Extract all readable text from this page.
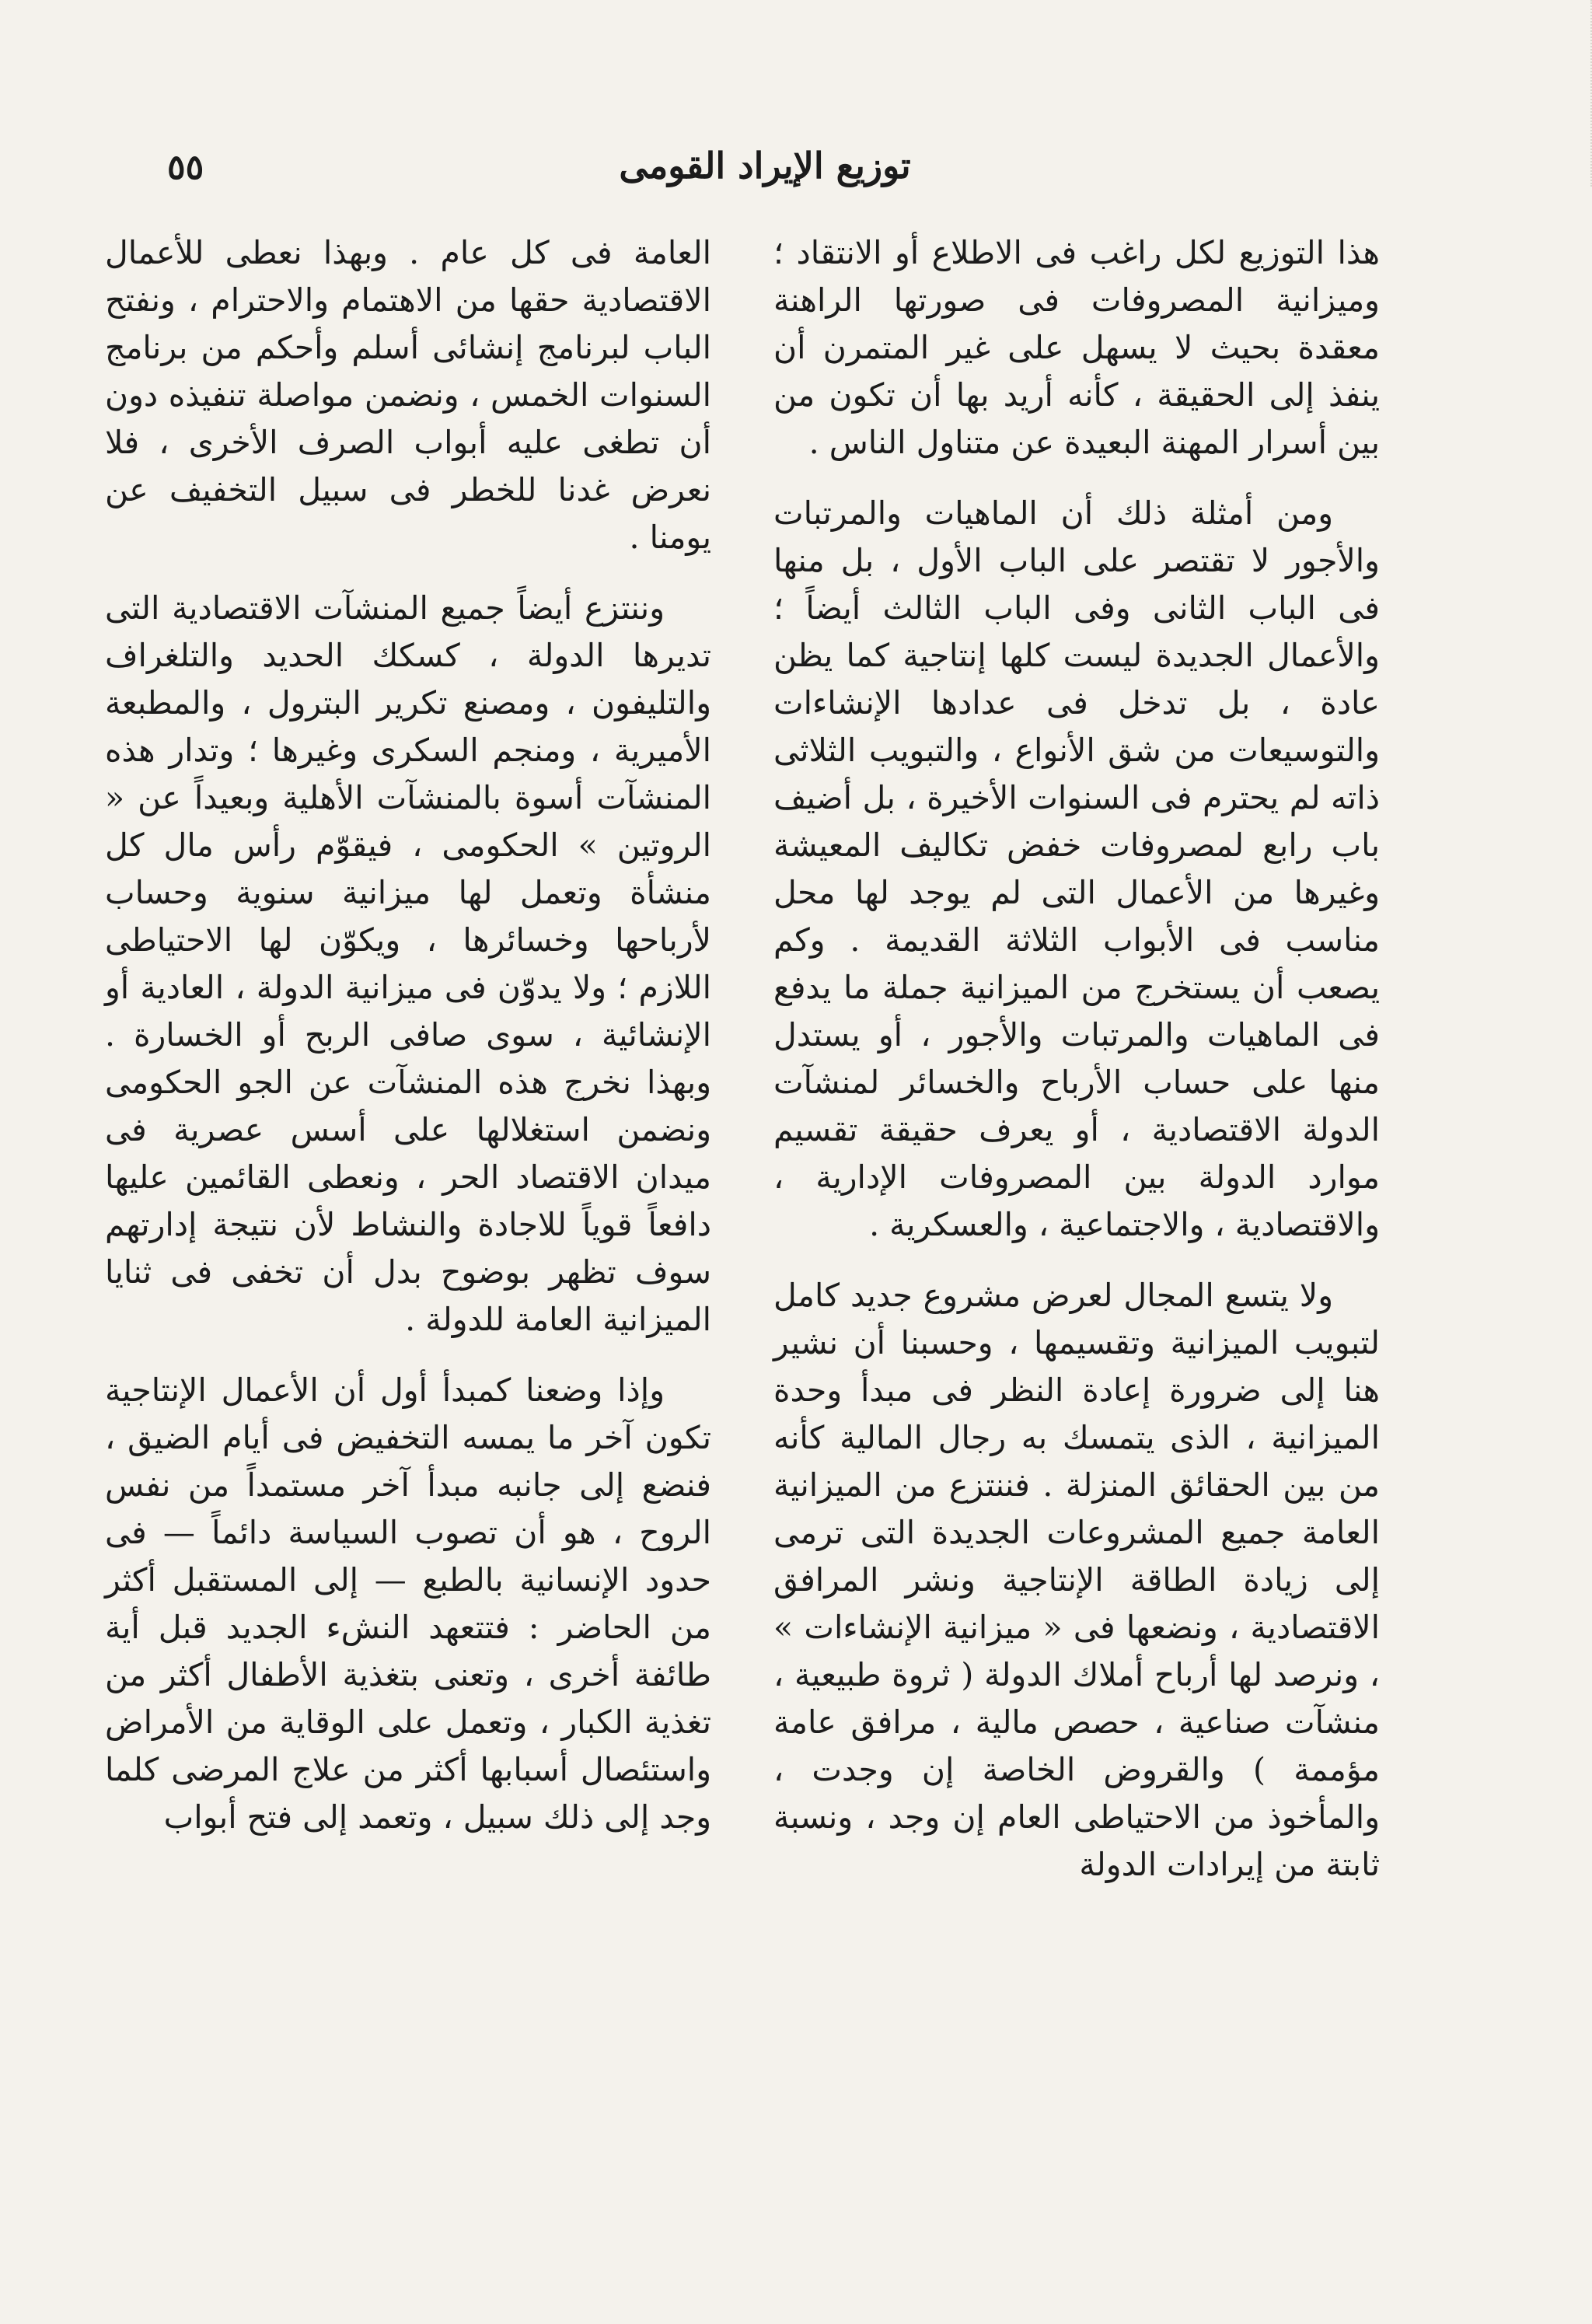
٥٥	توزيع الإيراد القومى

هذا التوزيع لكل راغب فى الاطلاع أو الانتقاد ؛ وميزانية المصروفات فى صورتها الراهنة معقدة بحيث لا يسهل على غير المتمرن أن ينفذ إلى الحقيقة ، كأنه أريد بها أن تكون من بين أسرار المهنة البعيدة عن متناول الناس .

ومن أمثلة ذلك أن الماهيات والمرتبات والأجور لا تقتصر على الباب الأول ، بل منها فى الباب الثانى وفى الباب الثالث أيضاً ؛ والأعمال الجديدة ليست كلها إنتاجية كما يظن عادة ، بل تدخل فى عدادها الإنشاءات والتوسيعات من شق الأنواع ، والتبويب الثلاثى ذاته لم يحترم فى السنوات الأخيرة ، بل أضيف باب رابع لمصروفات خفض تكاليف المعيشة وغيرها من الأعمال التى لم يوجد لها محل مناسب فى الأبواب الثلاثة القديمة . وكم يصعب أن يستخرج من الميزانية جملة ما يدفع فى الماهيات والمرتبات والأجور ، أو يستدل منها على حساب الأرباح والخسائر لمنشآت الدولة الاقتصادية ، أو يعرف حقيقة تقسيم موارد الدولة بين المصروفات الإدارية ، والاقتصادية ، والاجتماعية ، والعسكرية .

ولا يتسع المجال لعرض مشروع جديد كامل لتبويب الميزانية وتقسيمها ، وحسبنا أن نشير هنا إلى ضرورة إعادة النظر فى مبدأ وحدة الميزانية ، الذى يتمسك به رجال المالية كأنه من بين الحقائق المنزلة . فننتزع من الميزانية العامة جميع المشروعات الجديدة التى ترمى إلى زيادة الطاقة الإنتاجية ونشر المرافق الاقتصادية ، ونضعها فى « ميزانية الإنشاءات » ، ونرصد لها أرباح أملاك الدولة ( ثروة طبيعية ، منشآت صناعية ، حصص مالية ، مرافق عامة مؤممة ) والقروض الخاصة إن وجدت ، والمأخوذ من الاحتياطى العام إن وجد ، ونسبة ثابتة من إيرادات الدولة

العامة فى كل عام . وبهذا نعطى للأعمال الاقتصادية حقها من الاهتمام والاحترام ، ونفتح الباب لبرنامج إنشائى أسلم وأحكم من برنامج السنوات الخمس ، ونضمن مواصلة تنفيذه دون أن تطغى عليه أبواب الصرف الأخرى ، فلا نعرض غدنا للخطر فى سبيل التخفيف عن يومنا .

وننتزع أيضاً جميع المنشآت الاقتصادية التى تديرها الدولة ، كسكك الحديد والتلغراف والتليفون ، ومصنع تكرير البترول ، والمطبعة الأميرية ، ومنجم السكرى وغيرها ؛ وتدار هذه المنشآت أسوة بالمنشآت الأهلية وبعيداً عن « الروتين » الحكومى ، فيقوّم رأس مال كل منشأة وتعمل لها ميزانية سنوية وحساب لأرباحها وخسائرها ، ويكوّن لها الاحتياطى اللازم ؛ ولا يدوّن فى ميزانية الدولة ، العادية أو الإنشائية ، سوى صافى الربح أو الخسارة . وبهذا نخرج هذه المنشآت عن الجو الحكومى ونضمن استغلالها على أسس عصرية فى ميدان الاقتصاد الحر ، ونعطى القائمين عليها دافعاً قوياً للاجادة والنشاط لأن نتيجة إدارتهم سوف تظهر بوضوح بدل أن تخفى فى ثنايا الميزانية العامة للدولة .

وإذا وضعنا كمبدأ أول أن الأعمال الإنتاجية تكون آخر ما يمسه التخفيض فى أيام الضيق ، فنضع إلى جانبه مبدأ آخر مستمداً من نفس الروح ، هو أن تصوب السياسة دائماً — فى حدود الإنسانية بالطبع — إلى المستقبل أكثر من الحاضر : فتتعهد النشء الجديد قبل أية طائفة أخرى ، وتعنى بتغذية الأطفال أكثر من تغذية الكبار ، وتعمل على الوقاية من الأمراض واستئصال أسبابها أكثر من علاج المرضى كلما وجد إلى ذلك سبيل ، وتعمد إلى فتح أبواب
